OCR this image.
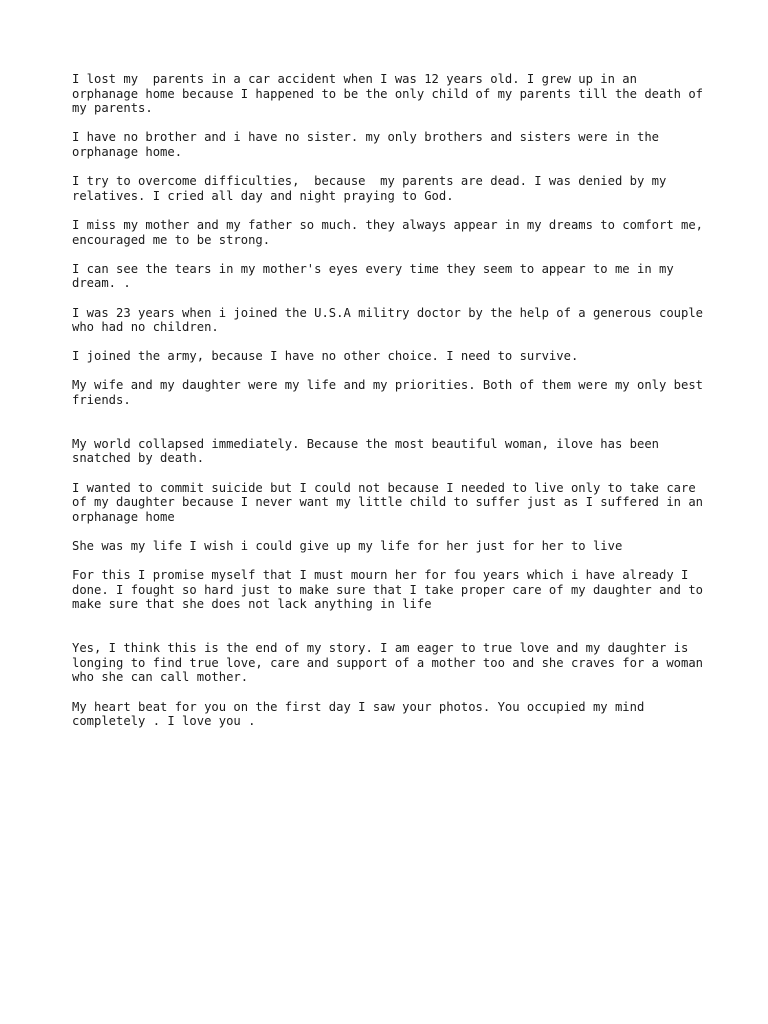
I lost my  parents in a car accident when I was 12 years old. I grew up in an orphanage home because I happened to be the only child of my parents till the death of my parents.

I have no brother and i have no sister. my only brothers and sisters were in the orphanage home.

I try to overcome difficulties,  because  my parents are dead. I was denied by my relatives. I cried all day and night praying to God.

I miss my mother and my father so much. they always appear in my dreams to comfort me, encouraged me to be strong.

I can see the tears in my mother's eyes every time they seem to appear to me in my dream. .

I was 23 years when i joined the U.S.A militry doctor by the help of a generous couple who had no children.

I joined the army, because I have no other choice. I need to survive.

My wife and my daughter were my life and my priorities. Both of them were my only best friends.

My world collapsed immediately. Because the most beautiful woman, ilove has been snatched by death.

I wanted to commit suicide but I could not because I needed to live only to take care of my daughter because I never want my little child to suffer just as I suffered in an orphanage home

She was my life I wish i could give up my life for her just for her to live

For this I promise myself that I must mourn her for fou years which i have already I done. I fought so hard just to make sure that I take proper care of my daughter and to make sure that she does not lack anything in life

Yes, I think this is the end of my story. I am eager to true love and my daughter is longing to find true love, care and support of a mother too and she craves for a woman who she can call mother.

My heart beat for you on the first day I saw your photos. You occupied my mind completely . I love you .
